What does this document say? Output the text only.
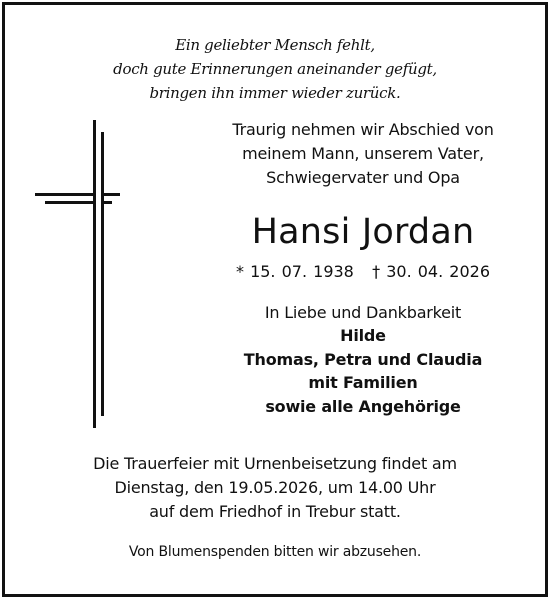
Ein geliebter Mensch fehlt,
doch gute Erinnerungen aneinander gefügt,
bringen ihn immer wieder zurück.
Traurig nehmen wir Abschied von
meinem Mann, unserem Vater,
Schwiegervater und Opa
Hansi Jordan
* 15. 07. 1938 † 30. 04. 2026
In Liebe und Dankbarkeit
Hilde
Thomas, Petra und Claudia
mit Familien
sowie alle Angehörige
Die Trauerfeier mit Urnenbeisetzung findet am
Dienstag, den 19.05.2026, um 14.00 Uhr
auf dem Friedhof in Trebur statt.
Von Blumenspenden bitten wir abzusehen.
